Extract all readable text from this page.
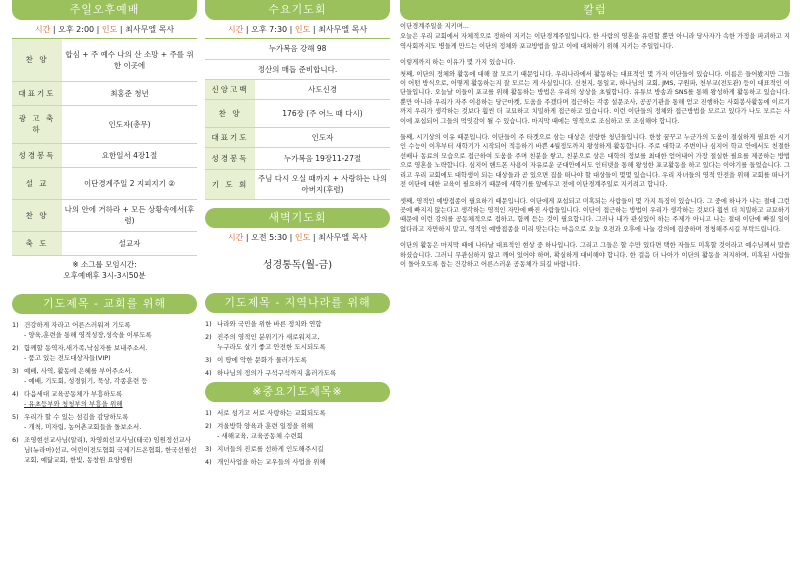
주일오후예배
시간 | 오후 2:00 | 인도 | 최사무엘 목사
찬 양	합심 + 주 예수 나의 산 소망 + 주를 위한 이곳에
대표기도	최홍준 청년
광 고 축 하	인도자(총무)
성경봉독	요한일서 4장1절
설 교	이단경계주일 2 지피지기 ②
찬 양	나의 안에 거하라 + 모든 상황속에서(후렴)
축 도	설교자
※ 소그룹 모임시간:
오후예배후 3시-3시50분
기도제목 - 교회를 위해
1) 건강하게 자라고 어른스러워져 기도록
- 양육,훈련을 통해 영적성장,성숙을 이루도록
2) 함께할 동역자,새가족,낙심자를 보내주소서.
- 품고 있는 전도대상자들(VIP)
3) 예배, 사역, 활동에 은혜를 부어주소서.
- 예배, 기도회, 성경읽기, 묵상, 각종훈련 등
4) 다음세대 교육공동체가 부흥하도록
- 유초등부와 청청부의 부흥을 위해
5) 우리가 할 수 있는 섬김을 감당하도록
- 개척, 미자립, 농어촌교회들을 돌보소서.
6) 조영현선교사님(알리), 차영희선교사님(태국) 임원정선교사님(뉴라마)선교, 어린이전도협회 국제기드온협회, 한국선원선교회, 예닮교회, 한빛, 동창원 요양병원
수요기도회
시간 | 오후 7:30 | 인도 | 최사무엘 목사
누가복음 강해 98	
정산의 매듭 준비합니다.	
신앙고백	사도신경
찬 양	176장 (주 어느 때 다시)
대표기도	인도자
성경봉독	누가복음 19장11-27절
기 도 회	주님 다시 오실 때까지 + 사랑하는 나의 아버지(후렴)
새벽기도회
시간 | 오전 5:30 | 인도 | 최사무엘 목사
성경통독(월-금)
기도제목 - 지역나라를 위해
1) 나라와 국민을 위한 바른 정치와 연합
2) 진주의 영적인 분위기가 새로워지고,
누구라도 살기 좋고 안전한 도시되도록
3) 이 땅에 악한 문화가 물러가도록
4) 하나님의 정의가 구석구석까지 흘러가도록
※중요기도제목※
1) 서로 섬기고 서로 사랑하는 교회되도록
2) 겨울방학 양육과 훈련 일정을 위해
- 새해교육, 교육공동체 수련회
3) 지녀들의 진로를 선하게 인도해주시길
4) 개인사업을 하는 교우들의 사업을 위해
칼럼

이단경계주일을 지키며...

오늘은 우리 교회에서 자체적으로 정하여 지키는 이단경계주일입니다. 한 사람의 영혼을 유린할 뿐만 아니라 당사자가 속한 가정을 파괴하고 지역사회까지도 병들게 만드는 이단의 정체와 포교방법을 알고 이에 대처하기 위해 지키는 주일입니다.

이렇게까지 하는 이유가 몇 가지 있습니다.

첫째, 이단의 정체와 활동에 대해 잘 모르기 때문입니다. 우리나라에서 활동하는 대표적인 몇 가지 이단들이 있습니다. 이름은 들어봤지만 그들이 어떤 방식으로, 어떻게 활동하는지 잘 모르는 게 사실입니다. 신천지, 통일교, 하나님의 교회, JMS, 구원파, 천부교(전도관) 등이 대표적인 이단들입니다. 오늘날 이들이 포교를 위해 활동하는 방법은 우리의 상상을 초월합니다. 유튜브 방송과 SNS를 통해 왕성하게 활동하고 있습니다. 뿐만 아니라 우리가 자주 이용하는 당근마켓, 도움을 주겠다며 접근하는 각종 설문조사, 공공기관을 통해 얻고 진행하는 사회봉사활동에 이르기까지 우리가 생각하는 것보다 훨씬 더 교묘하고 치밀하게 접근하고 있습니다. 이런 이단들의 정체와 접근방법을 모르고 있다가 나도 모르는 사이에 포섭되어 그들의 먹잇감이 될 수 있습니다. 마지막 때에는 영적으로 조심하고 또 조심해야 합니다.

둘째, 시기상의 이유 때문입니다. 이단들이 주 타겟으로 삼는 대상은 선량한 청년들입니다. 한창 꿈꾸고 누군가의 도움이 절실하게 필요한 시기인 수능이 이후부터 새학기가 시작되어 적응하기 바쁜 4월정도까지 왕성하게 활동합니다. 주로 대학교 주변이나 심지어 학교 안에서도 친절한 선배나 동료의 모습으로 접근하여 도움을 주며 친분을 쌓고, 친분으로 상은 대학의 정보를 최대한 얻어내어 가장 절실한 필요를 제공하는 방법으로 영혼을 노략합니다. 심지어 핸드폰 사용이 자유로운 군대안에서도 인터넷을 통해 왕성한 포교활동을 하고 있다는 이야기를 들었습니다. 그리고 우리 교회에도 대학생이 되는 대상들과 곧 있으면 집을 떠나야 할 대상들이 몇몇 있습니다. 우리 자녀들의 영적 안전을 위해 교회를 떠나기 전 이단에 대한 교육이 필요하기 때문에 새학기를 앞에두고 전에 이단경계주일로 지키려고 합니다.

셋째, 영적인 예방접종이 필요하기 때문입니다. 이단에게 포섭되고 미혹되는 사람들이 몇 가지 특징이 있습니다. 그 중에 하나가 나는 절대 그런 곳에 빠지지 않는다고 생각하는 영적인 자만에 빠진 사람들입니다. 이단이 접근하는 방법이 우리가 생각하는 것보다 훨씬 더 치밀하고 교묘하기 때문에 이런 강의를 공동체적으로 접하고, 함께 듣는 것이 필요합니다. 그러나 내가 관심있어 하는 주제가 아니고 나는 절대 이단에 빠질 일이 없다라고 자만하지 말고, 영적인 예방접종을 미리 맞는다는 마음으로 오늘 오전과 오후에 나눌 강의에 집중하며 경청해주시길 부탁드립니다.

이단의 활동은 마지막 때에 나타날 대표적인 현상 중 하나입니다. 그리고 그들은 할 수만 있다면 택한 자들도 미혹할 것이라고 예수님께서 말씀하셨습니다. 그러니 무관심하지 않고 깨어 있어야 하며, 확실하게 대비해야 합니다. 한 걸음 더 나아가 이단의 활동을 저지하며, 미혹된 사람들이 돌아오도록 돕는 건강하고 어른스러운 공동체가 되길 바랍니다.
